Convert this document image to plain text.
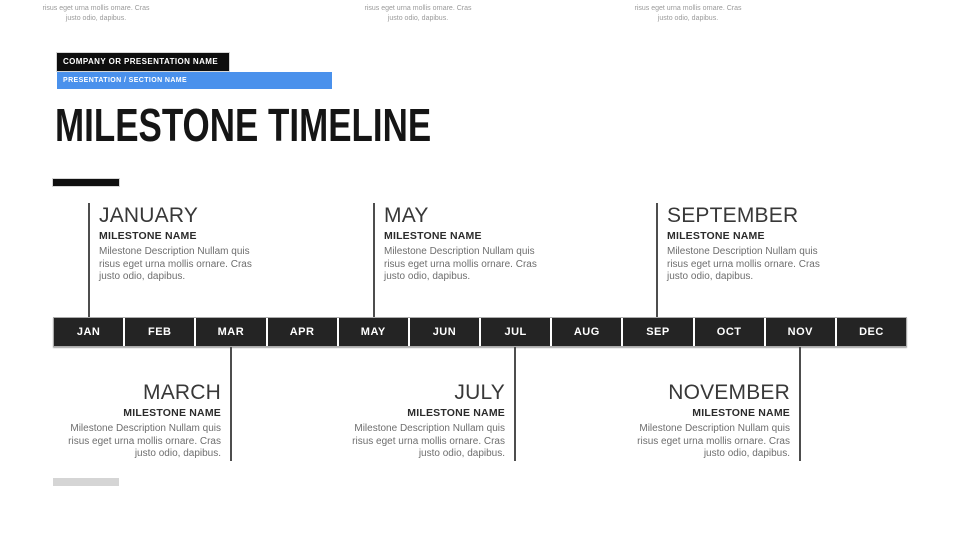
risus eget urna mollis ornare. Cras
justo odio, dapibus.
risus eget urna mollis ornare. Cras
justo odio, dapibus.
risus eget urna mollis ornare. Cras
justo odio, dapibus.
COMPANY OR PRESENTATION NAME
PRESENTATION / SECTION NAME
MILESTONE TIMELINE
JANUARY
MILESTONE NAME
Milestone Description Nullam quis
risus eget urna mollis ornare. Cras
justo odio, dapibus.
MAY
MILESTONE NAME
Milestone Description Nullam quis
risus eget urna mollis ornare. Cras
justo odio, dapibus.
SEPTEMBER
MILESTONE NAME
Milestone Description Nullam quis
risus eget urna mollis ornare. Cras
justo odio, dapibus.
JAN	FEB	MAR	APR	MAY	JUN	JUL	AUG	SEP	OCT	NOV	DEC
MARCH
MILESTONE NAME
Milestone Description Nullam quis
risus eget urna mollis ornare. Cras
justo odio, dapibus.
JULY
MILESTONE NAME
Milestone Description Nullam quis
risus eget urna mollis ornare. Cras
justo odio, dapibus.
NOVEMBER
MILESTONE NAME
Milestone Description Nullam quis
risus eget urna mollis ornare. Cras
justo odio, dapibus.
